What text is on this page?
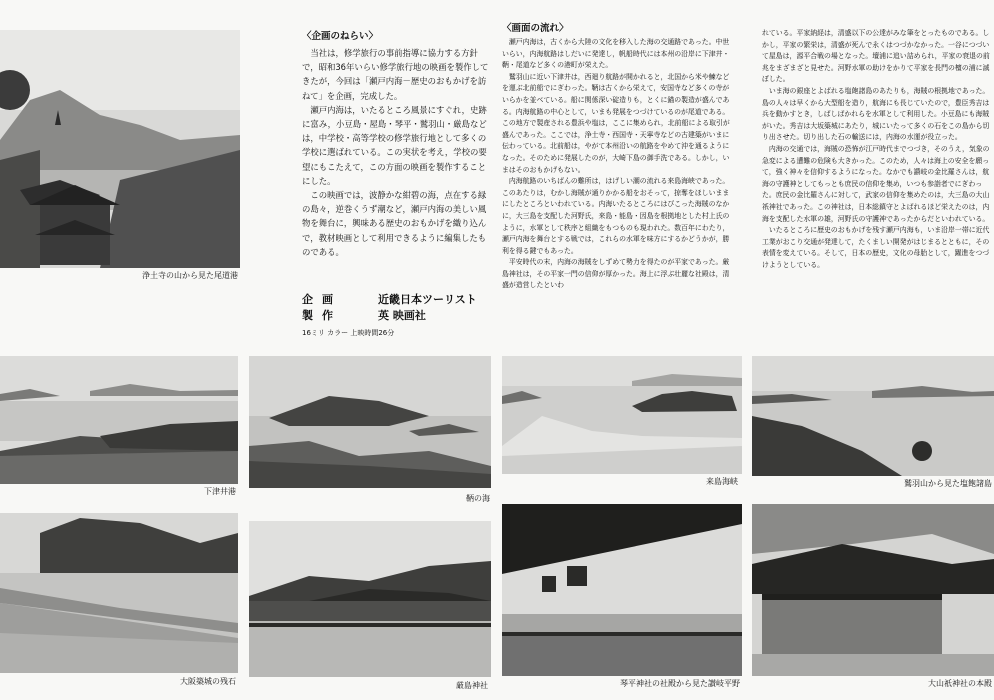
浄土寺の山から見た尾道港
〈企画のねらい〉

当社は，修学旅行の事前指導に協力する方針で，昭和36年いらい修学旅行地の映画を製作してきたが，今回は「瀬戸内海－歴史のおもかげを訪ねて」を企画，完成した。

瀬戸内海は，いたるところ風景にすぐれ，史跡に富み，小豆島・屋島・琴平・鷲羽山・厳島などは，中学校・高等学校の修学旅行地として多くの学校に選ばれている。この実状を考え，学校の要望にもこたえて，この方面の映画を製作することにした。

この映画では，波静かな紺碧の海，点在する緑の島々，逆巻くうず潮など，瀬戸内海の美しい風物を舞台に，興味ある歴史のおもかげを織り込んで，教材映画として利用できるように編集したものである。

企画	近畿日本ツーリスト
製作	英 映画社
16ミリ カラー 上映時間26分
〈画面の流れ〉

瀬戸内海は，古くから大陸の文化を移入した海の交通路であった。中世いらい，内海航路はしだいに発達し，帆船時代には本州の沿岸に下津井・鞆・尾道など多くの港町が栄えた。

鷲羽山に近い下津井は，西廻り航路が開かれると，北国から米や鰊などを運ぶ北前船でにぎわった。鞆は古くから栄えて，安国寺など多くの寺がいらかを並べている。船に関係深い碇造りも，とくに錨の製造が盛んである。内海航路の中心として，いまも発展をつづけているのが尾道である。この地方で製産される豊浜や塩は，ここに集められ，北前船による取引が盛んであった。ここでは，浄土寺・西国寺・天寧寺などの古建築がいまに伝わっている。北前船は，やがて本州沿いの航路をやめて沖を通るようになった。そのために発展したのが，大崎下島の御手洗である。しかし，いまはそのおもかげもない。

内海航路のいちばんの難所は，はげしい潮の流れる来島海峡であった。このあたりは，むかし海賊が通りかかる船をおそって，掠奪をほしいままにしたところといわれている。内海いたるところにはびこった海賊のなかに，大三島を支配した河野氏，来島・能島・因島を根拠地とした村上氏のように，水軍として秩序と組織をもつものも現われた。数百年にわたり，瀬戸内海を舞台とする戦では，これらの水軍を味方にするかどうかが，勝利を得る鍵でもあった。

平安時代の末，内海の海賊をしずめて勢力を得たのが平家であった。厳島神社は，その平家一門の信仰が厚かった。海上に浮ぶ壮麗な社殿は，清盛が造営したといわ

れている。平家納経は，清盛以下の公達がみな筆をとったものである。しかし，平家の繁栄は，清盛が死んで永くはつづかなかった。一谷につづいて屋島は，源平合戦の場となった。壇浦に追い詰められ，平家の衰退の前兆をまざまざと見せた。河野水軍の助けをかりて平家を長門の檀の浦に滅ぼした。

いま海の銀座とよばれる塩飽諸島のあたりも，海賊の根拠地であった。島の人々は早くから大型船を造り，航海にも長じていたので，豊臣秀吉は兵を動かすとき，しばしばかれらを水軍として利用した。小豆島にも海賊がいた。秀吉は大坂築城にあたり，城にいたって多くの石をこの島から切り出させた。切り出した石の輸送には，内海の水運が役立った。

内海の交通では，海賊の恐怖が江戸時代までつづき，そのうえ，気象の急変による遭難の危険も大きかった。このため，人々は海上の安全を願って，強く神々を信仰するようになった。なかでも讃岐の金比羅さんは，航海の守護神としてもっとも庶民の信仰を集め，いつも参詣者でにぎわった。庶民の金比羅さんに対して，武家の信仰を集めたのは，大三島の大山祇神社であった。この神社は，日本総鎮守とよばれるほど栄えたのは，内海を支配した水軍の雄，河野氏の守護神であったからだといわれている。

いたるところに歴史のおもかげを残す瀬戸内海も，いま沿岸一帯に近代工業がおこり交通が発達して，たくましい開発がはじまるとともに，その表情を変えている。そして，日本の歴史，文化の母胎として，躍進をつづけようとしている。

下津井港
鞆の海
来島海峡	鷲羽山から見た塩飽諸島
大阪築城の残石	厳島神社	琴平神社の社殿から見た讃岐平野	大山祇神社の本殿
